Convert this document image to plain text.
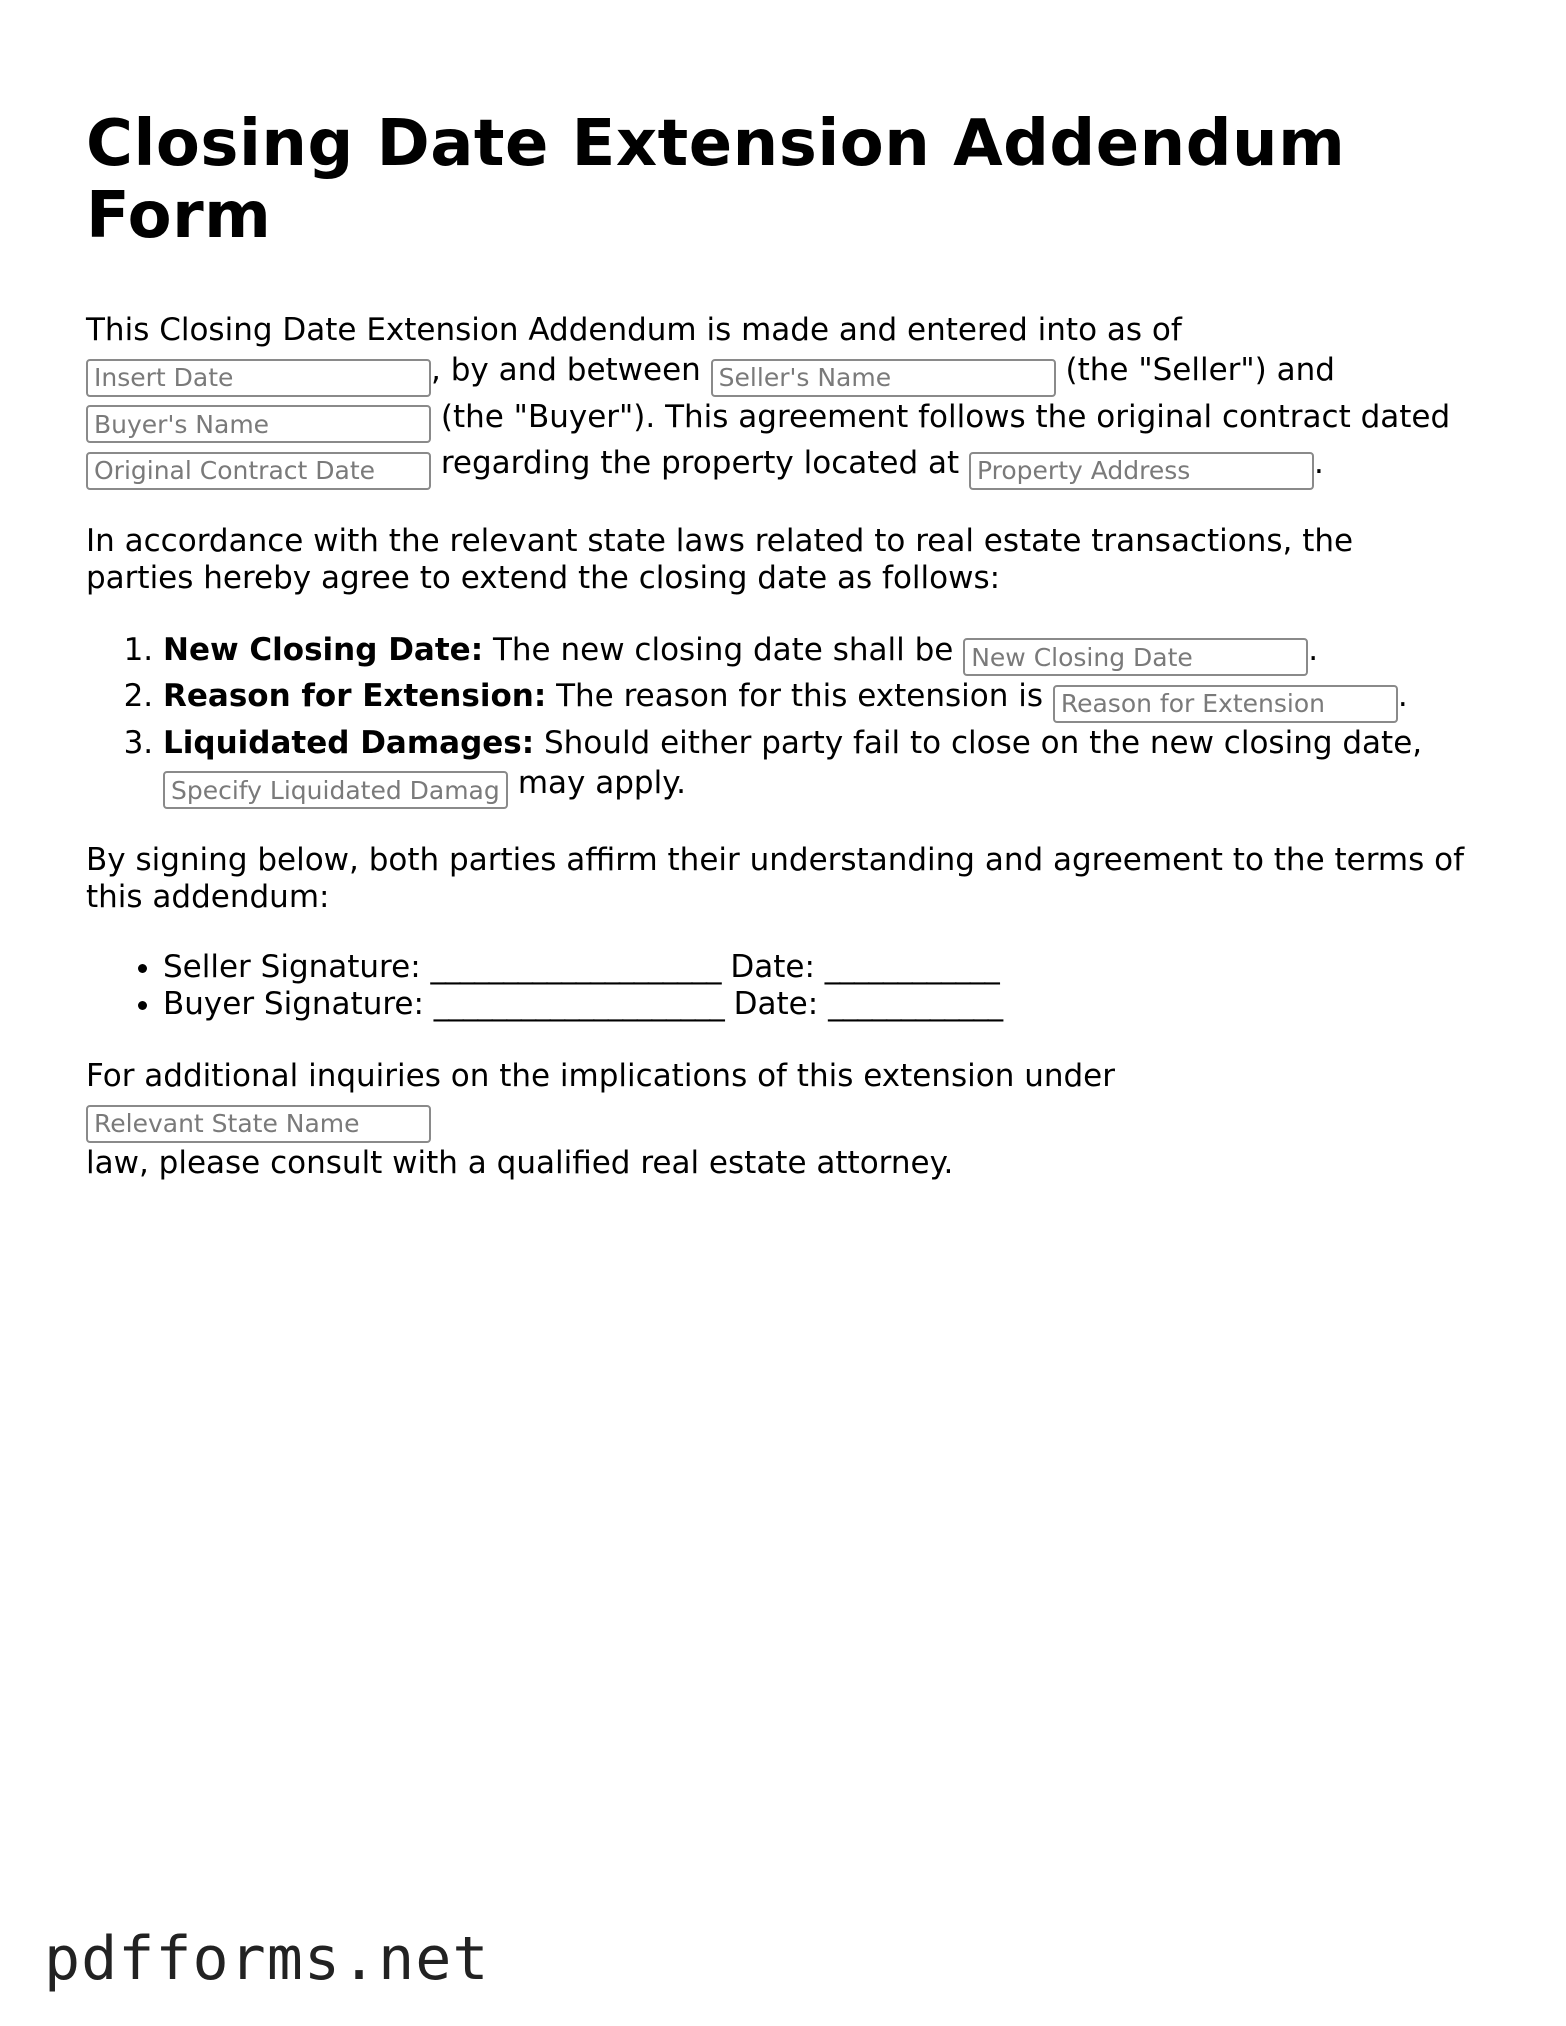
Closing Date Extension Addendum Form

This Closing Date Extension Addendum is made and entered into as of
Insert Date, by and between Seller's Name	(the "Seller") and
Buyer's Name (the "Buyer"). This agreement follows the original contract dated
Original Contract Date regarding the property located at Property Address	.

In accordance with the relevant state laws related to real estate transactions, the parties hereby agree to extend the closing date as follows:

1. New Closing Date: The new closing date shall be New Closing Date	.
2. Reason for Extension: The reason for this extension is Reason for Extension	.
3. Liquidated Damages: Should either party fail to close on the new closing date,
Specify Liquidated Damages may apply.

By signing below, both parties affirm their understanding and agreement to the terms of this addendum:

• Seller Signature: ____________________ Date: ____________
• Buyer Signature: ____________________ Date: ____________

For additional inquiries on the implications of this extension under Relevant State Name
law, please consult with a qualified real estate attorney.

pdfforms.net
